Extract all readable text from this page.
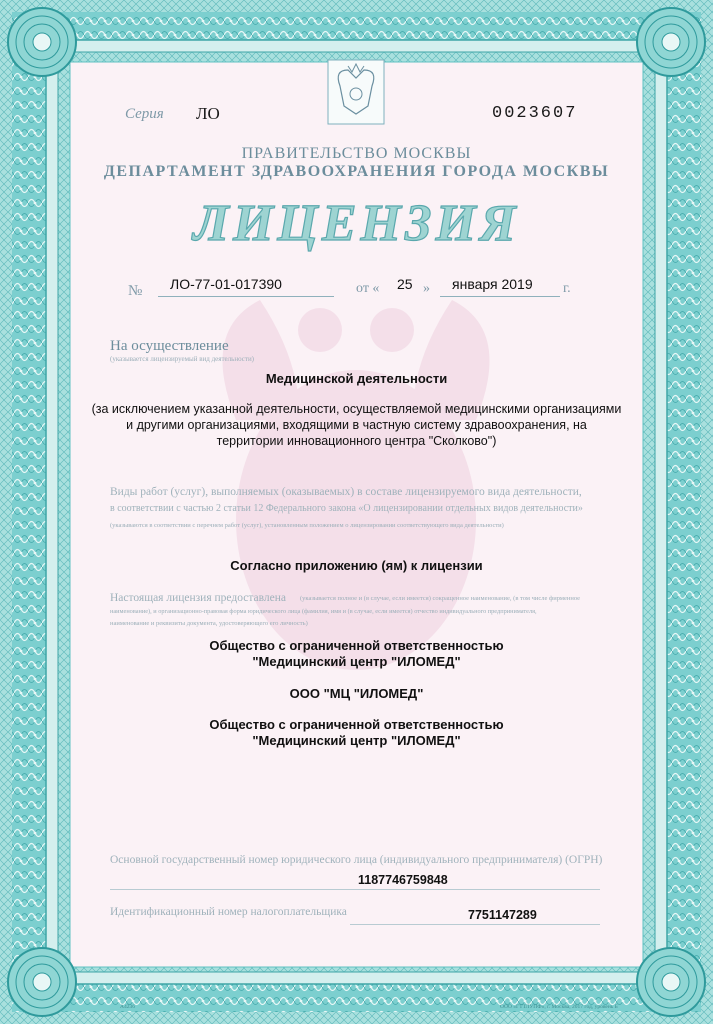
Серия ЛО	0023607
ПРАВИТЕЛЬСТВО МОСКВЫ
ДЕПАРТАМЕНТ ЗДРАВООХРАНЕНИЯ ГОРОДА МОСКВЫ
ЛИЦЕНЗИЯ
№ ЛО-77-01-017390	от « 25 » января 2019 г.
На осуществление
(указывается лицензируемый вид деятельности)
Медицинской деятельности
(за исключением указанной деятельности, осуществляемой медицинскими организациями
и другими организациями, входящими в частную систему здравоохранения, на
территории инновационного центра "Сколково")
Виды работ (услуг), выполняемых (оказываемых) в составе лицензируемого вида деятельности,
в соответствии с частью 2 статьи 12 Федерального закона «О лицензировании отдельных видов деятельности»
(указываются в соответствии с перечнем работ (услуг), установленным положением о лицензировании соответствующего вида деятельности)
Согласно приложению (ям) к лицензии
Настоящая лицензия предоставлена (указывается полное и (в случае, если имеется) сокращенное наименование, (в том числе фирменное
наименование), и организационно-правовая форма юридического лица (фамилия, имя и (в случае, если имеется) отчество индивидуального предпринимателя,
наименование и реквизиты документа, удостоверяющего его личность)
Общество с ограниченной ответственностью
"Медицинский центр "ИЛОМЕД"
ООО "МЦ "ИЛОМЕД"
Общество с ограниченной ответственностью
"Медицинский центр "ИЛОМЕД"
Основной государственный номер юридического лица (индивидуального предпринимателя) (ОГРН)
1187746759848
Идентификационный номер налогоплательщика	7751147289
А4236	ООО «ГТТЛУПФ», г. Москва, 2017 год, уровень Б
